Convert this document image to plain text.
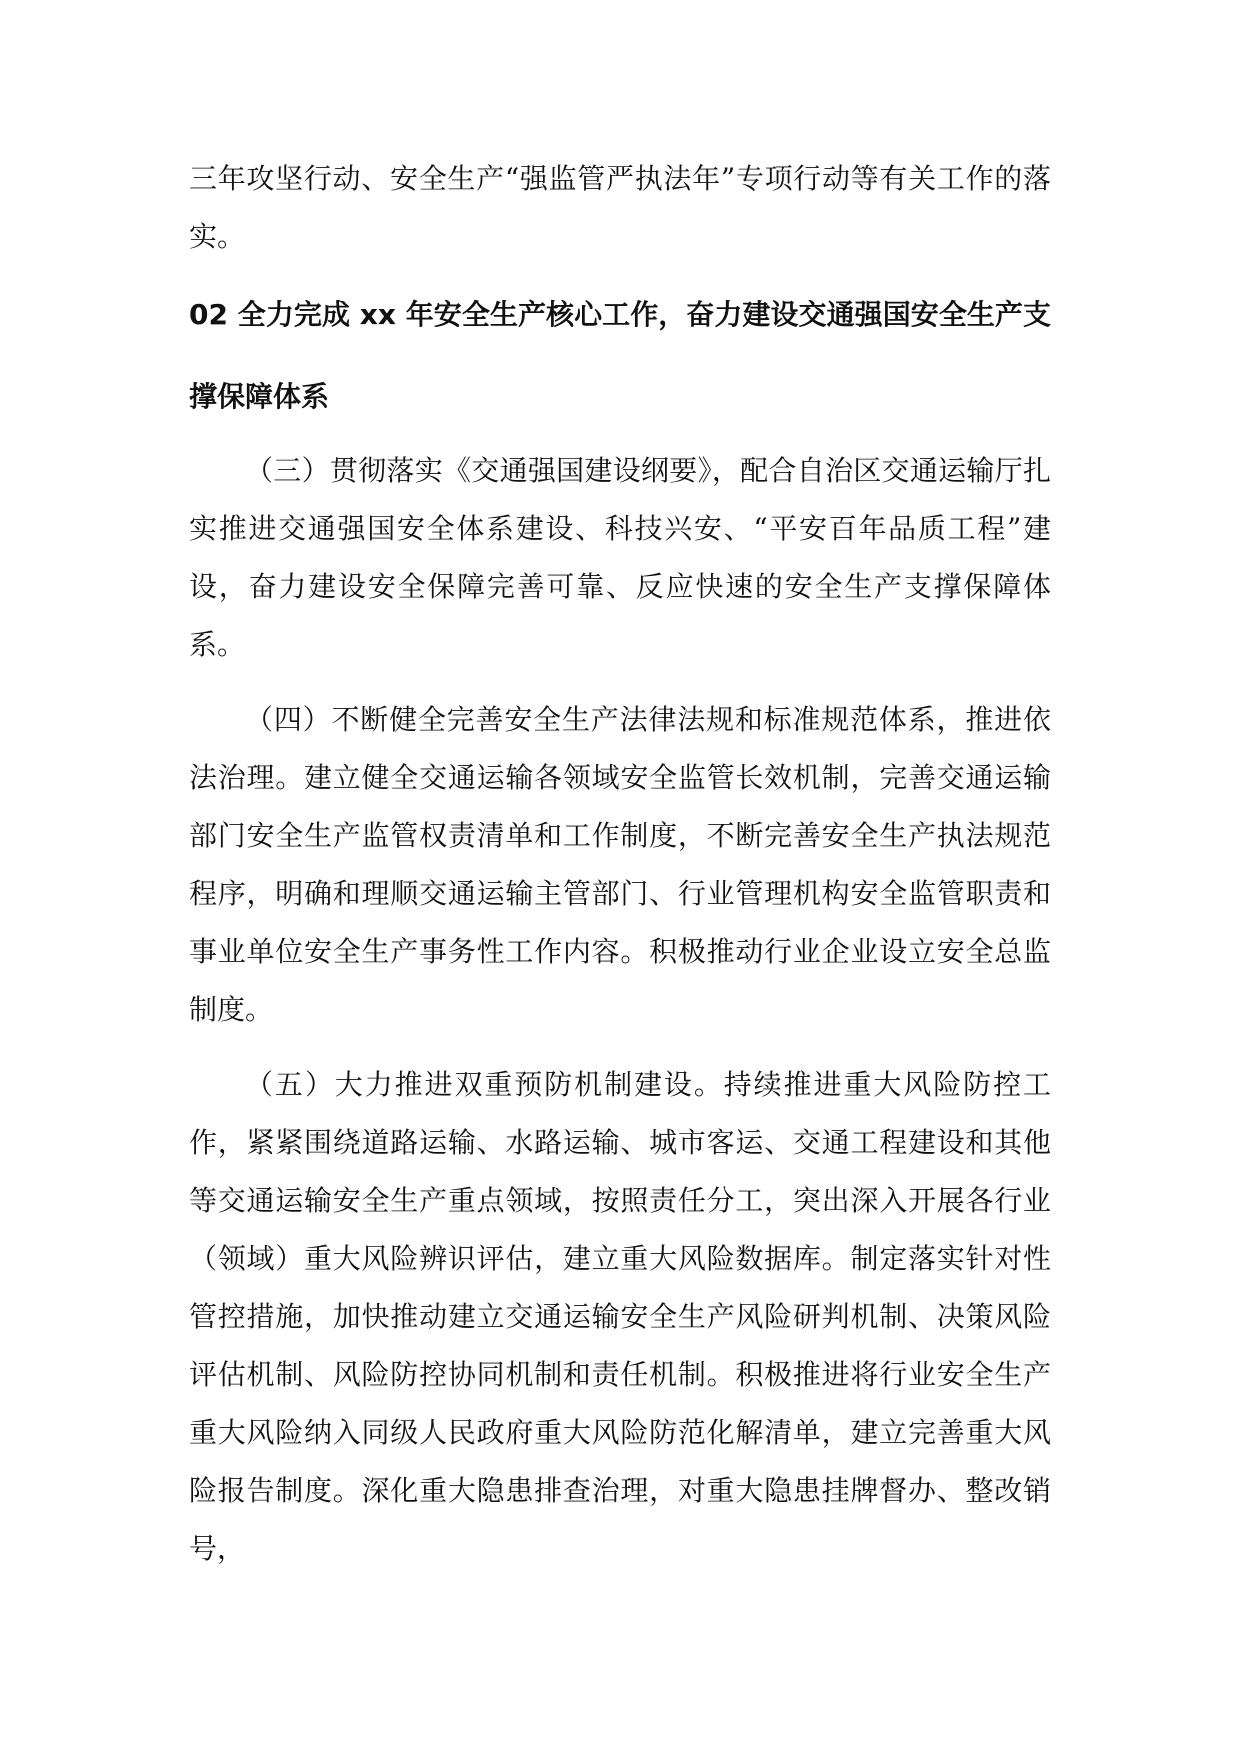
三年攻坚行动、安全生产“强监管严执法年”专项行动等有关工作的落实。

02 全力完成 xx 年安全生产核心工作，奋力建设交通强国安全生产支撑保障体系

（三）贯彻落实《交通强国建设纲要》，配合自治区交通运输厅扎实推进交通强国安全体系建设、科技兴安、“平安百年品质工程”建设，奋力建设安全保障完善可靠、反应快速的安全生产支撑保障体系。

（四）不断健全完善安全生产法律法规和标准规范体系，推进依法治理。建立健全交通运输各领域安全监管长效机制，完善交通运输部门安全生产监管权责清单和工作制度，不断完善安全生产执法规范程序，明确和理顺交通运输主管部门、行业管理机构安全监管职责和事业单位安全生产事务性工作内容。积极推动行业企业设立安全总监制度。

（五）大力推进双重预防机制建设。持续推进重大风险防控工作，紧紧围绕道路运输、水路运输、城市客运、交通工程建设和其他等交通运输安全生产重点领域，按照责任分工，突出深入开展各行业（领域）重大风险辨识评估，建立重大风险数据库。制定落实针对性管控措施，加快推动建立交通运输安全生产风险研判机制、决策风险评估机制、风险防控协同机制和责任机制。积极推进将行业安全生产重大风险纳入同级人民政府重大风险防范化解清单，建立完善重大风险报告制度。深化重大隐患排查治理，对重大隐患挂牌督办、整改销号，
